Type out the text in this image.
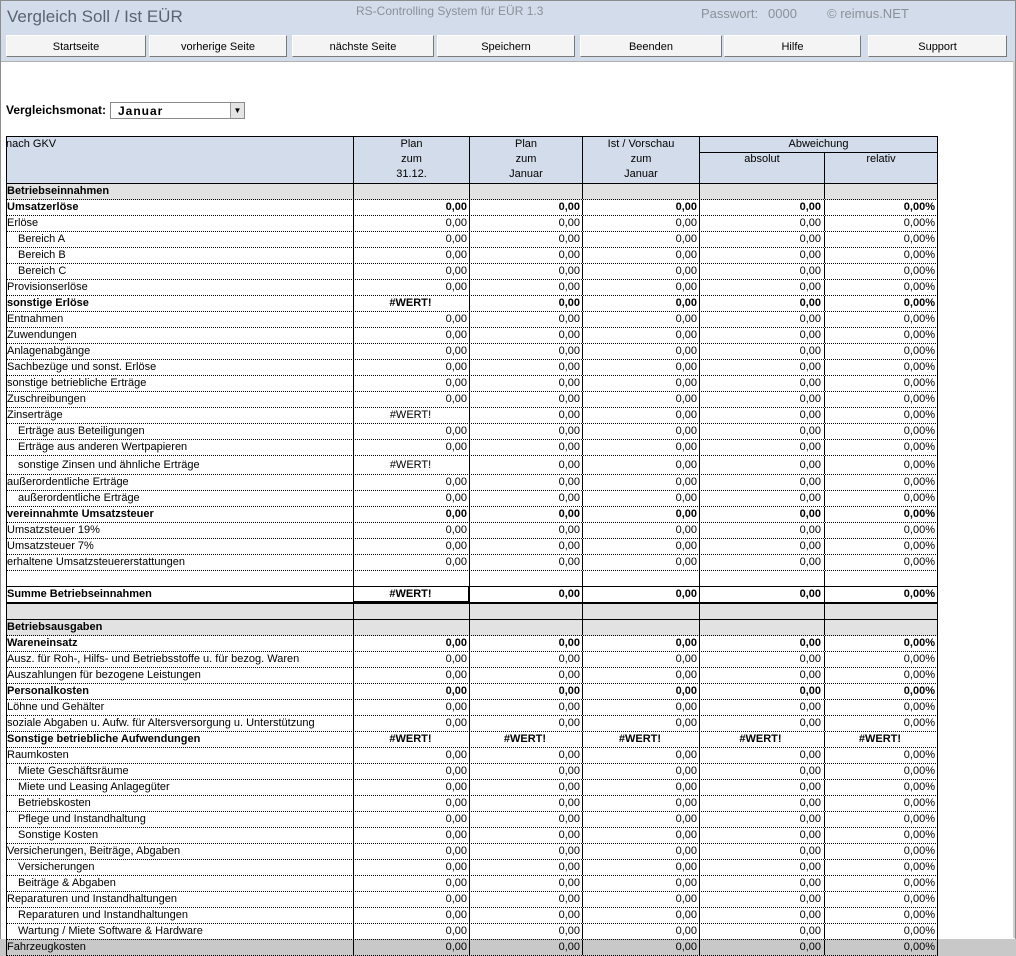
Vergleich Soll / Ist EÜR	RS-Controlling System für EÜR 1.3	Passwort: 0000 © reimus.NET
Startseite	vorherige Seite	nächste Seite	Speichern	Beenden	Hilfe	Support
Vergleichsmonat: Januar	▼
nach GKV	Plan
zum
31.12.
Plan
zum
Januar
Ist / Vorschau
zum
Januar
Abweichung
absolut	relativ
Betriebseinnahmen
Umsatzerlöse	0,00	0,00	0,00	0,00	0,00%
Erlöse	0,00	0,00	0,00	0,00	0,00%
Bereich A	0,00	0,00	0,00	0,00	0,00%
Bereich B	0,00	0,00	0,00	0,00	0,00%
Bereich C	0,00	0,00	0,00	0,00	0,00%
Provisionserlöse	0,00	0,00	0,00	0,00	0,00%
sonstige Erlöse	#WERT!	0,00	0,00	0,00	0,00%
Entnahmen	0,00	0,00	0,00	0,00	0,00%
Zuwendungen	0,00	0,00	0,00	0,00	0,00%
Anlagenabgänge	0,00	0,00	0,00	0,00	0,00%
Sachbezüge und sonst. Erlöse	0,00	0,00	0,00	0,00	0,00%
sonstige betriebliche Erträge	0,00	0,00	0,00	0,00	0,00%
Zuschreibungen	0,00	0,00	0,00	0,00	0,00%
Zinserträge	#WERT!	0,00	0,00	0,00	0,00%
Erträge aus Beteiligungen	0,00	0,00	0,00	0,00	0,00%
Erträge aus anderen Wertpapieren	0,00	0,00	0,00	0,00	0,00%
sonstige Zinsen und ähnliche Erträge	#WERT!	0,00	0,00	0,00	0,00%
außerordentliche Erträge	0,00	0,00	0,00	0,00	0,00%
außerordentliche Erträge	0,00	0,00	0,00	0,00	0,00%
vereinnahmte Umsatzsteuer	0,00	0,00	0,00	0,00	0,00%
Umsatzsteuer 19%	0,00	0,00	0,00	0,00	0,00%
Umsatzsteuer 7%	0,00	0,00	0,00	0,00	0,00%
erhaltene Umsatzsteuererstattungen	0,00	0,00	0,00	0,00	0,00%
Summe Betriebseinnahmen	#WERT!	0,00	0,00	0,00	0,00%
Betriebsausgaben
Wareneinsatz	0,00	0,00	0,00	0,00	0,00%
Ausz. für Roh-, Hilfs- und Betriebsstoffe u. für bezog. Waren	0,00	0,00	0,00	0,00	0,00%
Auszahlungen für bezogene Leistungen	0,00	0,00	0,00	0,00	0,00%
Personalkosten	0,00	0,00	0,00	0,00	0,00%
Löhne und Gehälter	0,00	0,00	0,00	0,00	0,00%
soziale Abgaben u. Aufw. für Altersversorgung u. Unterstützung	0,00	0,00	0,00	0,00	0,00%
Sonstige betriebliche Aufwendungen	#WERT!	#WERT!	#WERT!	#WERT!	#WERT!
Raumkosten	0,00	0,00	0,00	0,00	0,00%
Miete Geschäftsräume	0,00	0,00	0,00	0,00	0,00%
Miete und Leasing Anlagegüter	0,00	0,00	0,00	0,00	0,00%
Betriebskosten	0,00	0,00	0,00	0,00	0,00%
Pflege und Instandhaltung	0,00	0,00	0,00	0,00	0,00%
Sonstige Kosten	0,00	0,00	0,00	0,00	0,00%
Versicherungen, Beiträge, Abgaben	0,00	0,00	0,00	0,00	0,00%
Versicherungen	0,00	0,00	0,00	0,00	0,00%
Beiträge & Abgaben	0,00	0,00	0,00	0,00	0,00%
Reparaturen und Instandhaltungen	0,00	0,00	0,00	0,00	0,00%
Reparaturen und Instandhaltungen	0,00	0,00	0,00	0,00	0,00%
Wartung / Miete Software & Hardware	0,00	0,00	0,00	0,00	0,00%
Fahrzeugkosten	0,00	0,00	0,00	0,00	0,00%
